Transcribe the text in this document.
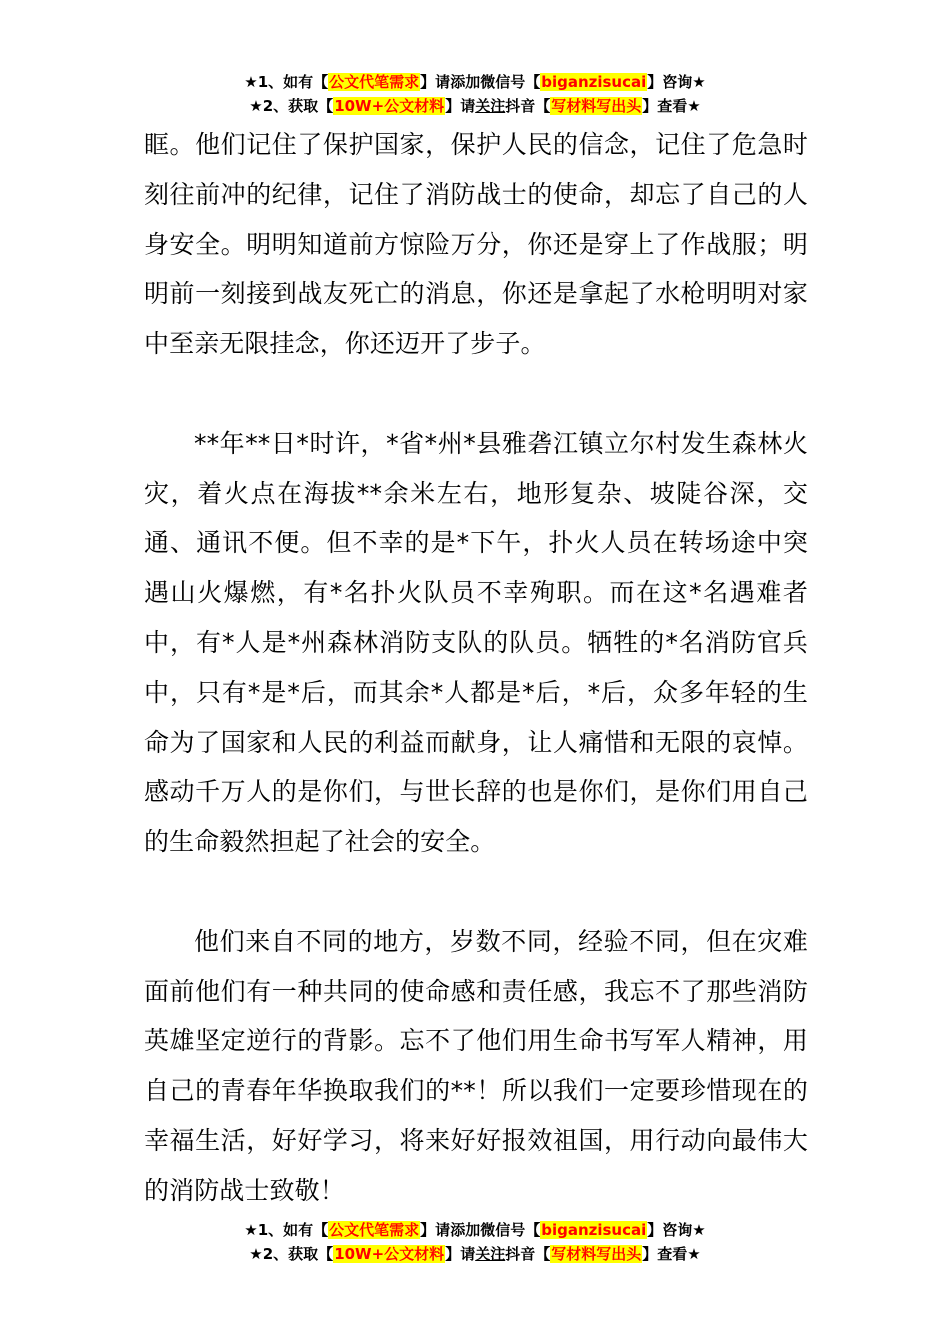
★1、如有【公文代笔需求】请添加微信号【biganzisucai】咨询★
★2、获取【10W+公文材料】请关注抖音【写材料写出头】查看★

眶。他们记住了保护国家，保护人民的信念，记住了危急时刻往前冲的纪律，记住了消防战士的使命，却忘了自己的人身安全。明明知道前方惊险万分，你还是穿上了作战服；明明前一刻接到战友死亡的消息，你还是拿起了水枪明明对家中至亲无限挂念，你还迈开了步子。

**年**日*时许，*省*州*县雅砻江镇立尔村发生森林火灾，着火点在海拔**余米左右，地形复杂、坡陡谷深，交通、通讯不便。但不幸的是*下午，扑火人员在转场途中突遇山火爆燃，有*名扑火队员不幸殉职。而在这*名遇难者中，有*人是*州森林消防支队的队员。牺牲的*名消防官兵中，只有*是*后，而其余*人都是*后，*后，众多年轻的生命为了国家和人民的利益而献身，让人痛惜和无限的哀悼。感动千万人的是你们，与世长辞的也是你们，是你们用自己的生命毅然担起了社会的安全。

他们来自不同的地方，岁数不同，经验不同，但在灾难面前他们有一种共同的使命感和责任感，我忘不了那些消防英雄坚定逆行的背影。忘不了他们用生命书写军人精神，用自己的青春年华换取我们的**！所以我们一定要珍惜现在的幸福生活，好好学习，将来好好报效祖国，用行动向最伟大的消防战士致敬！

★1、如有【公文代笔需求】请添加微信号【biganzisucai】咨询★
★2、获取【10W+公文材料】请关注抖音【写材料写出头】查看★
